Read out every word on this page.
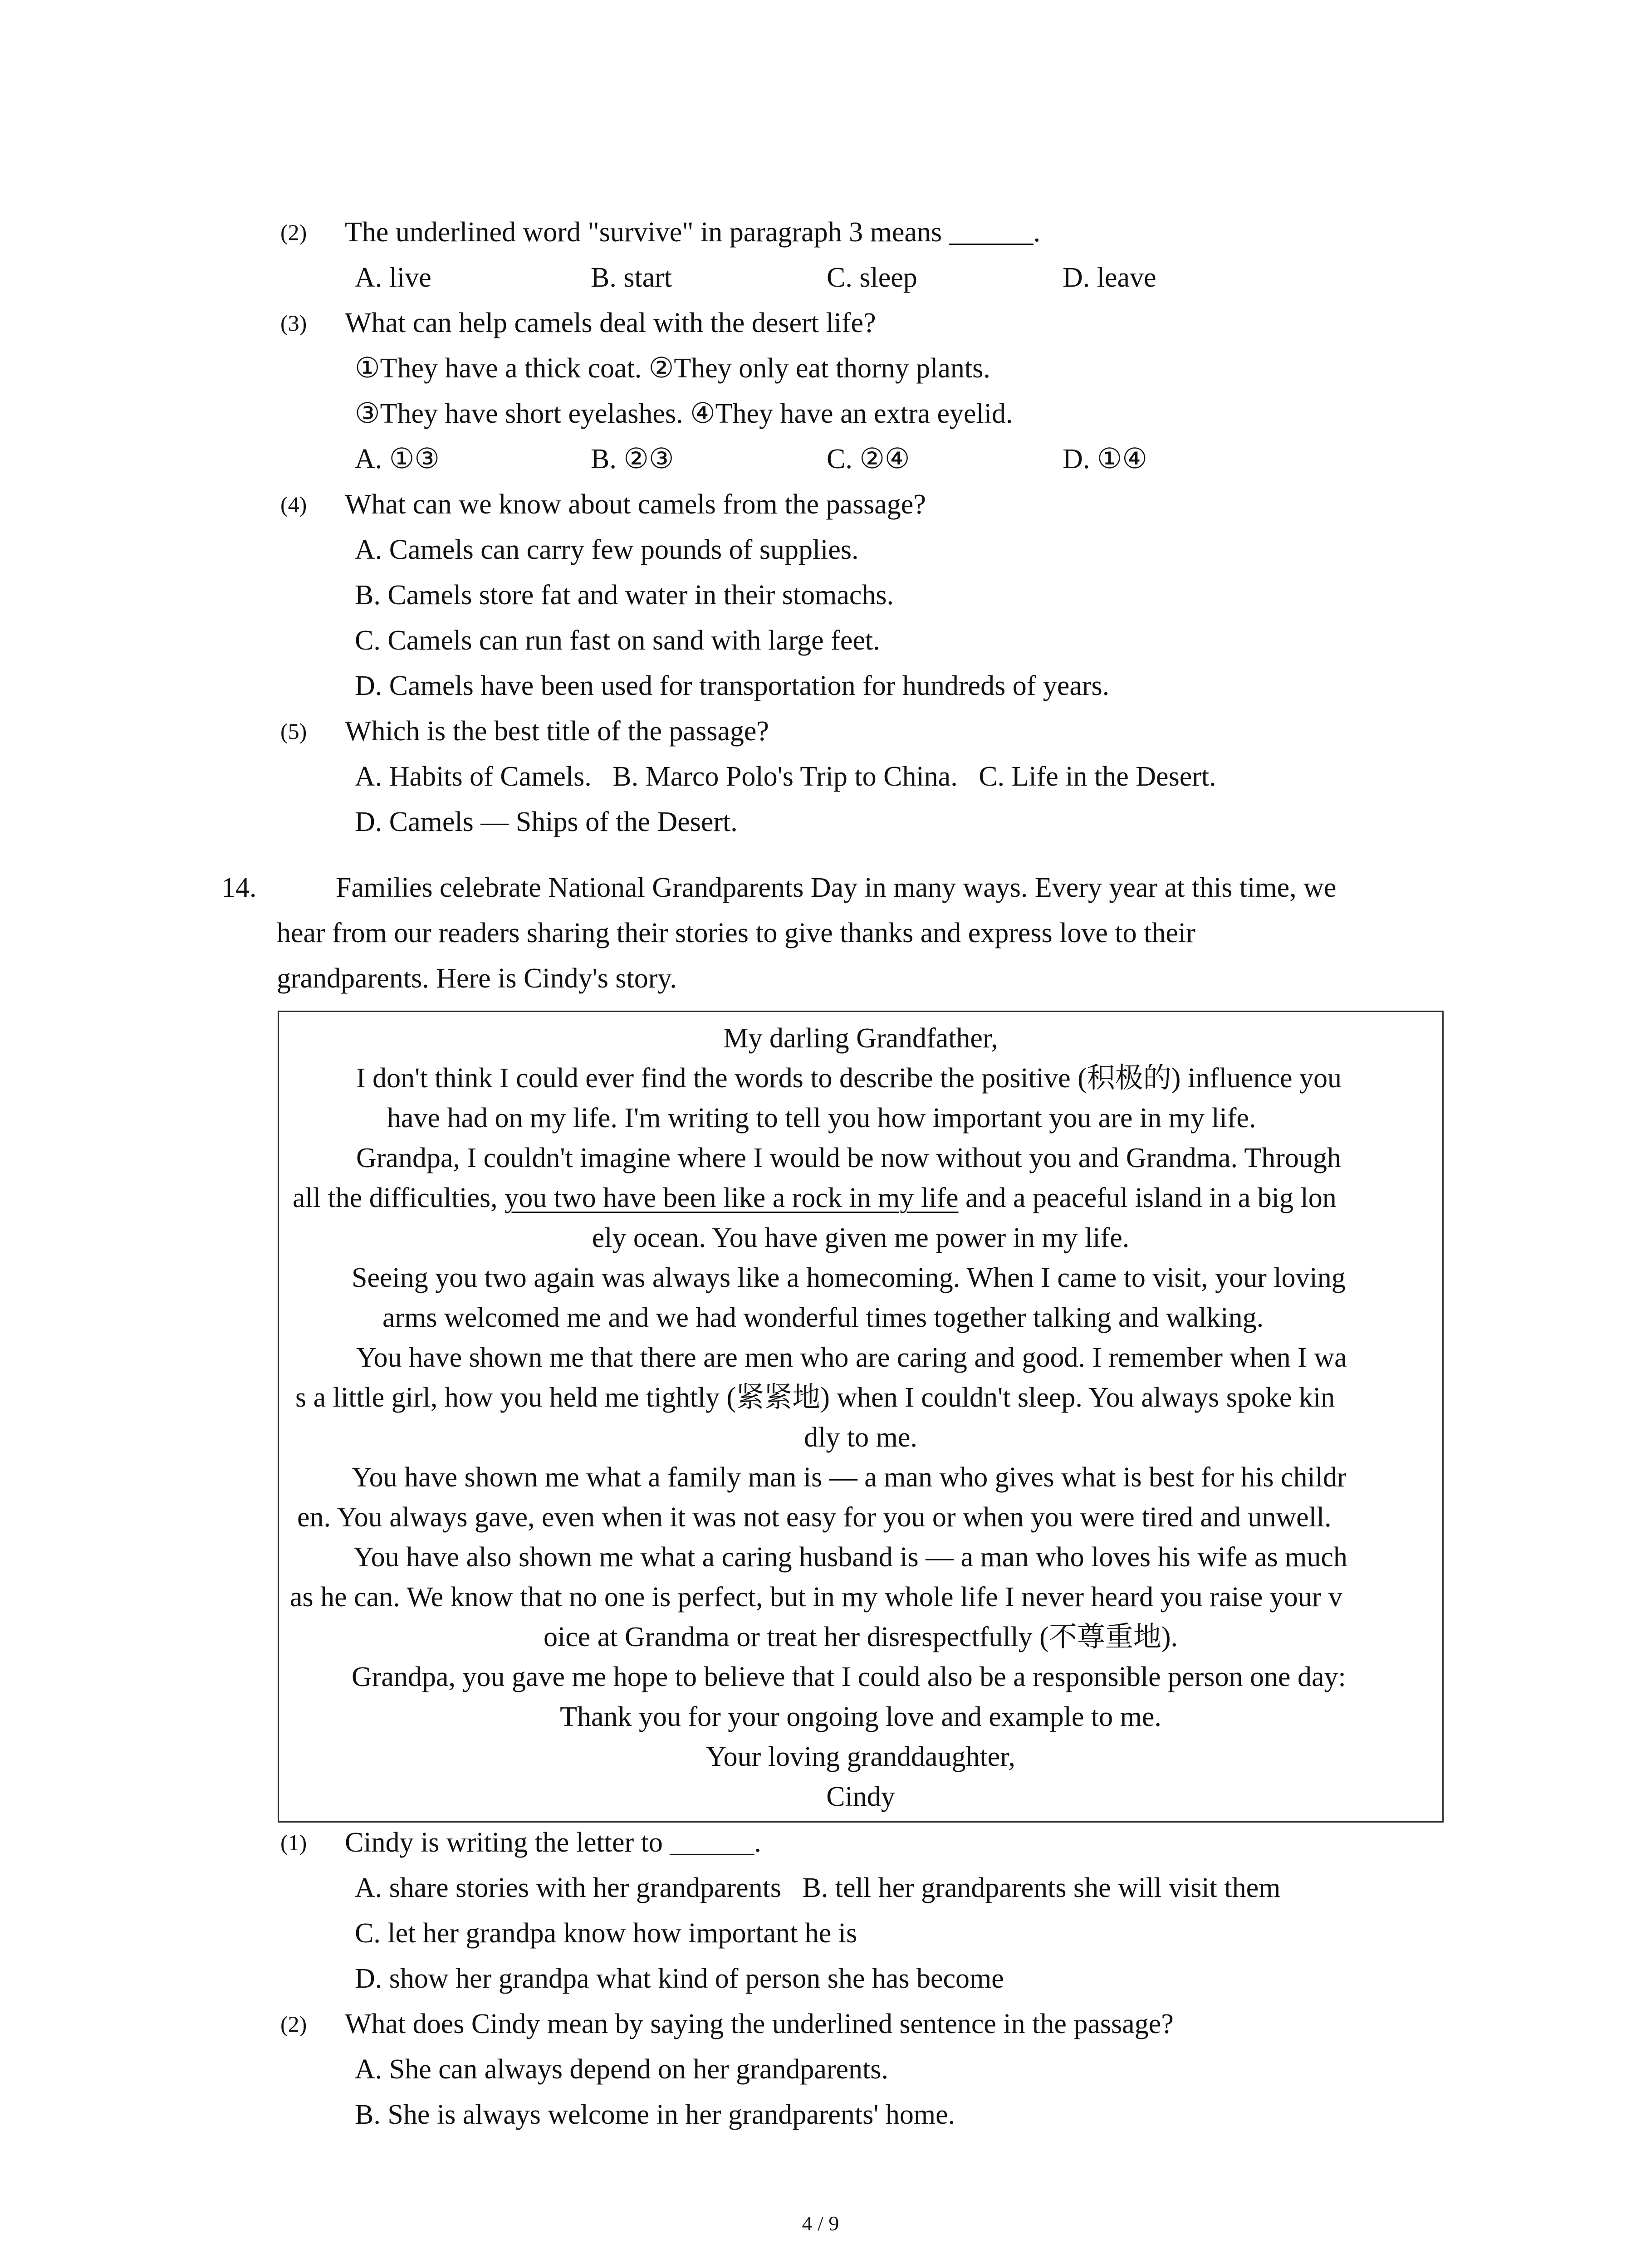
(2) The underlined word "survive" in paragraph 3 means ______.
A. live	B. start	C. sleep	D. leave
(3) What can help camels deal with the desert life?
①They have a thick coat. ②They only eat thorny plants.
③They have short eyelashes. ④They have an extra eyelid.
A. ①③	B. ②③	C. ②④	D. ①④
(4) What can we know about camels from the passage?
A. Camels can carry few pounds of supplies.
B. Camels store fat and water in their stomachs.
C. Camels can run fast on sand with large feet.
D. Camels have been used for transportation for hundreds of years.
(5) Which is the best title of the passage?
A. Habits of Camels.   B. Marco Polo's Trip to China.   C. Life in the Desert.
D. Camels — Ships of the Desert.
14.	Families celebrate National Grandparents Day in many ways. Every year at this time, we
hear from our readers sharing their stories to give thanks and express love to their
grandparents. Here is Cindy's story.
My darling Grandfather,
I don't think I could ever find the words to describe the positive (积极的) influence you
have had on my life. I'm writing to tell you how important you are in my life.
Grandpa, I couldn't imagine where I would be now without you and Grandma. Through
all the difficulties, you two have been like a rock in my life and a peaceful island in a big lon
ely ocean. You have given me power in my life.
Seeing you two again was always like a homecoming. When I came to visit, your loving
arms welcomed me and we had wonderful times together talking and walking.
You have shown me that there are men who are caring and good. I remember when I wa
s a little girl, how you held me tightly (紧紧地) when I couldn't sleep. You always spoke kin
dly to me.
You have shown me what a family man is — a man who gives what is best for his childr
en. You always gave, even when it was not easy for you or when you were tired and unwell.
You have also shown me what a caring husband is — a man who loves his wife as much
as he can. We know that no one is perfect, but in my whole life I never heard you raise your v
oice at Grandma or treat her disrespectfully (不尊重地).
Grandpa, you gave me hope to believe that I could also be a responsible person one day:
Thank you for your ongoing love and example to me.
Your loving granddaughter,
Cindy
(1) Cindy is writing the letter to ______.
A. share stories with her grandparents   B. tell her grandparents she will visit them
C. let her grandpa know how important he is
D. show her grandpa what kind of person she has become
(2) What does Cindy mean by saying the underlined sentence in the passage?
A. She can always depend on her grandparents.
B. She is always welcome in her grandparents' home.
4 / 9
